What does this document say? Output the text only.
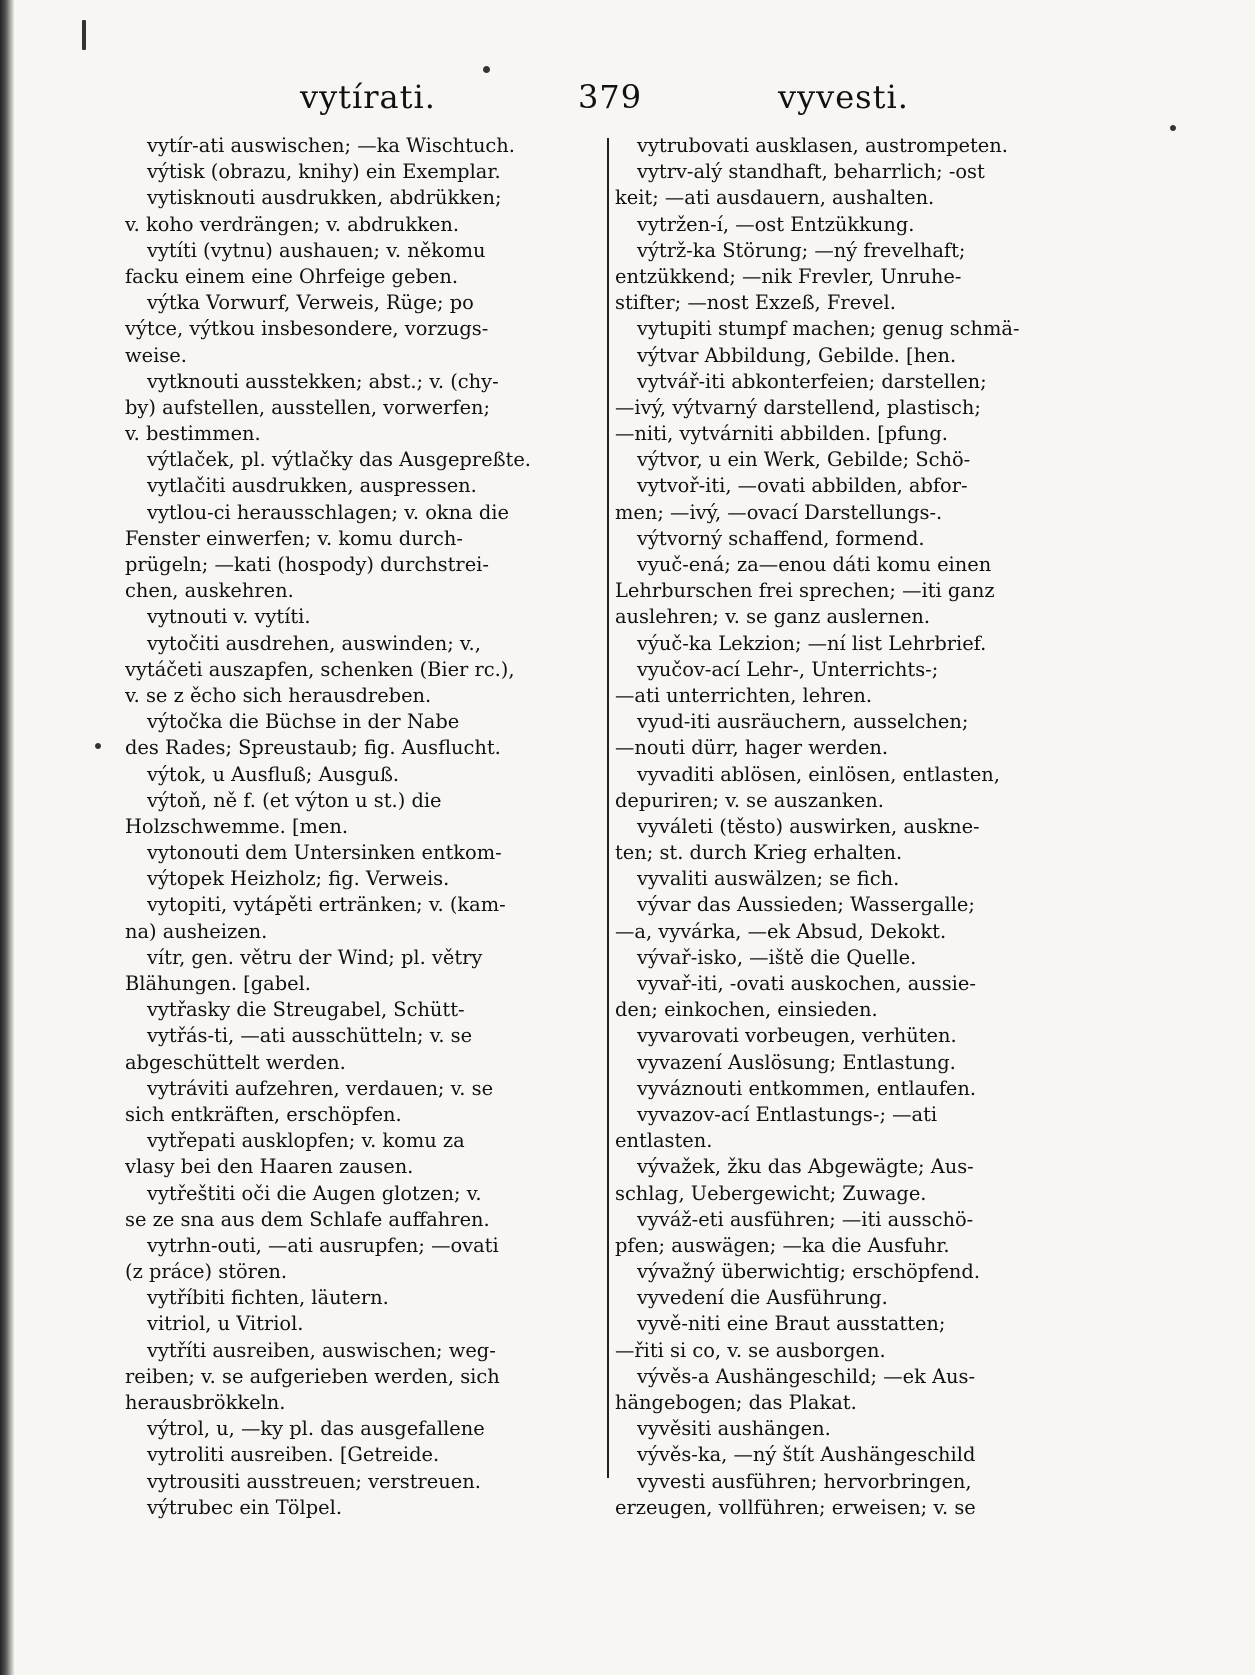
vytírati.	379	vyvesti.
vytír-ati auswischen; —ka Wischtuch.
výtisk (obrazu, knihy) ein Exemplar.
vytisknouti ausdrukken, abdrükken;
v. koho verdrängen; v. abdrukken.
vytíti (vytnu) aushauen; v. někomu
facku einem eine Ohrfeige geben.
výtka Vorwurf, Verweis, Rüge; po
výtce, výtkou insbesondere, vorzugs-
weise.
vytknouti ausstekken; abst.; v. (chy-
by) aufstellen, ausstellen, vorwerfen;
v. bestimmen.
výtlaček, pl. výtlačky das Ausgepreßte.
vytlačiti ausdrukken, auspressen.
vytlou-ci herausschlagen; v. okna die
Fenster einwerfen; v. komu durch-
prügeln; —kati (hospody) durchstrei-
chen, auskehren.
vytnouti v. vytíti.
vytočiti ausdrehen, auswinden; v.,
vytáčeti auszapfen, schenken (Bier rc.),
v. se z ěcho sich herausdreben.
výtočka die Büchse in der Nabe
des Rades; Spreustaub; fig. Ausflucht.
výtok, u Ausfluß; Ausguß.
výtoň, ně f. (et výton u st.) die
Holzschwemme. [men.
vytonouti dem Untersinken entkom-
výtopek Heizholz; fig. Verweis.
vytopiti, vytápěti ertränken; v. (kam-
na) ausheizen.
vítr, gen. větru der Wind; pl. větry
Blähungen. [gabel.
vytřasky die Streugabel, Schütt-
vytřás-ti, —ati ausschütteln; v. se
abgeschüttelt werden.
vytráviti aufzehren, verdauen; v. se
sich entkräften, erschöpfen.
vytřepati ausklopfen; v. komu za
vlasy bei den Haaren zausen.
vytřeštiti oči die Augen glotzen; v.
se ze sna aus dem Schlafe auffahren.
vytrhn-outi, —ati ausrupfen; —ovati
(z práce) stören.
vytříbiti fichten, läutern.
vitriol, u Vitriol.
vytříti ausreiben, auswischen; weg-
reiben; v. se aufgerieben werden, sich
herausbrökkeln.
výtrol, u, —ky pl. das ausgefallene
vytroliti ausreiben. [Getreide.
vytrousiti ausstreuen; verstreuen.
výtrubec ein Tölpel.
vytrubovati ausklasen, austrompeten.
vytrv-alý standhaft, beharrlich; -ost
keit; —ati ausdauern, aushalten.
vytržen-í, —ost Entzükkung.
výtrž-ka Störung; —ný frevelhaft;
entzükkend; —nik Frevler, Unruhe-
stifter; —nost Exzeß, Frevel.
vytupiti stumpf machen; genug schmä-
výtvar Abbildung, Gebilde. [hen.
vytvář-iti abkonterfeien; darstellen;
—ivý, výtvarný darstellend, plastisch;
—niti, vytvárniti abbilden. [pfung.
výtvor, u ein Werk, Gebilde; Schö-
vytvoř-iti, —ovati abbilden, abfor-
men; —ivý, —ovací Darstellungs-.
výtvorný schaffend, formend.
vyuč-ená; za—enou dáti komu einen
Lehrburschen frei sprechen; —iti ganz
auslehren; v. se ganz auslernen.
výuč-ka Lekzion; —ní list Lehrbrief.
vyučov-ací Lehr-, Unterrichts-;
—ati unterrichten, lehren.
vyud-iti ausräuchern, ausselchen;
—nouti dürr, hager werden.
vyvaditi ablösen, einlösen, entlasten,
depuriren; v. se auszanken.
vyváleti (těsto) auswirken, auskne-
ten; st. durch Krieg erhalten.
vyvaliti auswälzen; se fich.
vývar das Aussieden; Wassergalle;
—a, vyvárka, —ek Absud, Dekokt.
vývař-isko, —iště die Quelle.
vyvař-iti, -ovati auskochen, aussie-
den; einkochen, einsieden.
vyvarovati vorbeugen, verhüten.
vyvazení Auslösung; Entlastung.
vyváznouti entkommen, entlaufen.
vyvazov-ací Entlastungs-; —ati
entlasten.
vývažek, žku das Abgewägte; Aus-
schlag, Uebergewicht; Zuwage.
vyváž-eti ausführen; —iti ausschö-
pfen; auswägen; —ka die Ausfuhr.
vývažný überwichtig; erschöpfend.
vyvedení die Ausführung.
vyvě-niti eine Braut ausstatten;
—řiti si co, v. se ausborgen.
vývěs-a Aushängeschild; —ek Aus-
hängebogen; das Plakat.
vyvěsiti aushängen.
vývěs-ka, —ný štít Aushängeschild
vyvesti ausführen; hervorbringen,
erzeugen, vollführen; erweisen; v. se
